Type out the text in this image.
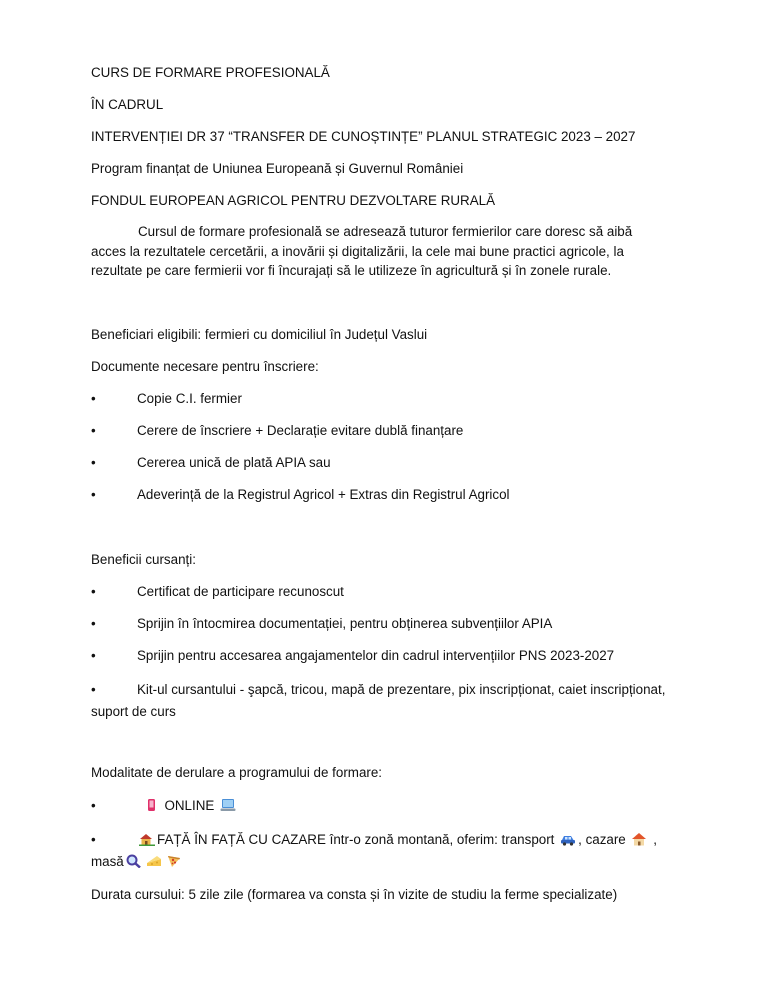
CURS DE FORMARE PROFESIONALĂ
ÎN CADRUL
INTERVENȚIEI DR 37 “TRANSFER DE CUNOȘTINȚE” PLANUL STRATEGIC 2023 – 2027
Program finanțat de Uniunea Europeană și Guvernul României
FONDUL EUROPEAN AGRICOL PENTRU DEZVOLTARE RURALĂ
Cursul de formare profesională se adresează tuturor fermierilor care doresc să aibă acces la rezultatele cercetării, a inovării și digitalizării, la cele mai bune practici agricole, la rezultate pe care fermierii vor fi încurajați să le utilizeze în agricultură și în zonele rurale.
Beneficiari eligibili: fermieri cu domiciliul în Județul Vaslui
Documente necesare pentru înscriere:
•	Copie C.I. fermier
•	Cerere de înscriere + Declarație evitare dublă finanțare
•	Cererea unică de plată APIA sau
•	Adeverință de la Registrul Agricol + Extras din Registrul Agricol
Beneficii cursanți:
•	Certificat de participare recunoscut
•	Sprijin în întocmirea documentației, pentru obținerea subvențiilor APIA
•	Sprijin pentru accesarea angajamentelor din cadrul intervențiilor PNS 2023-2027
•	Kit-ul cursantului - şapcă, tricou, mapă de prezentare, pix inscripționat, caiet inscripționat, suport de curs
Modalitate de derulare a programului de formare:
•	ONLINE
•	FAȚĂ ÎN FAȚĂ CU CAZARE într-o zonă montană, oferim: transport , cazare  ,
masă
Durata cursului: 5 zile zile (formarea va consta și în vizite de studiu la ferme specializate)
